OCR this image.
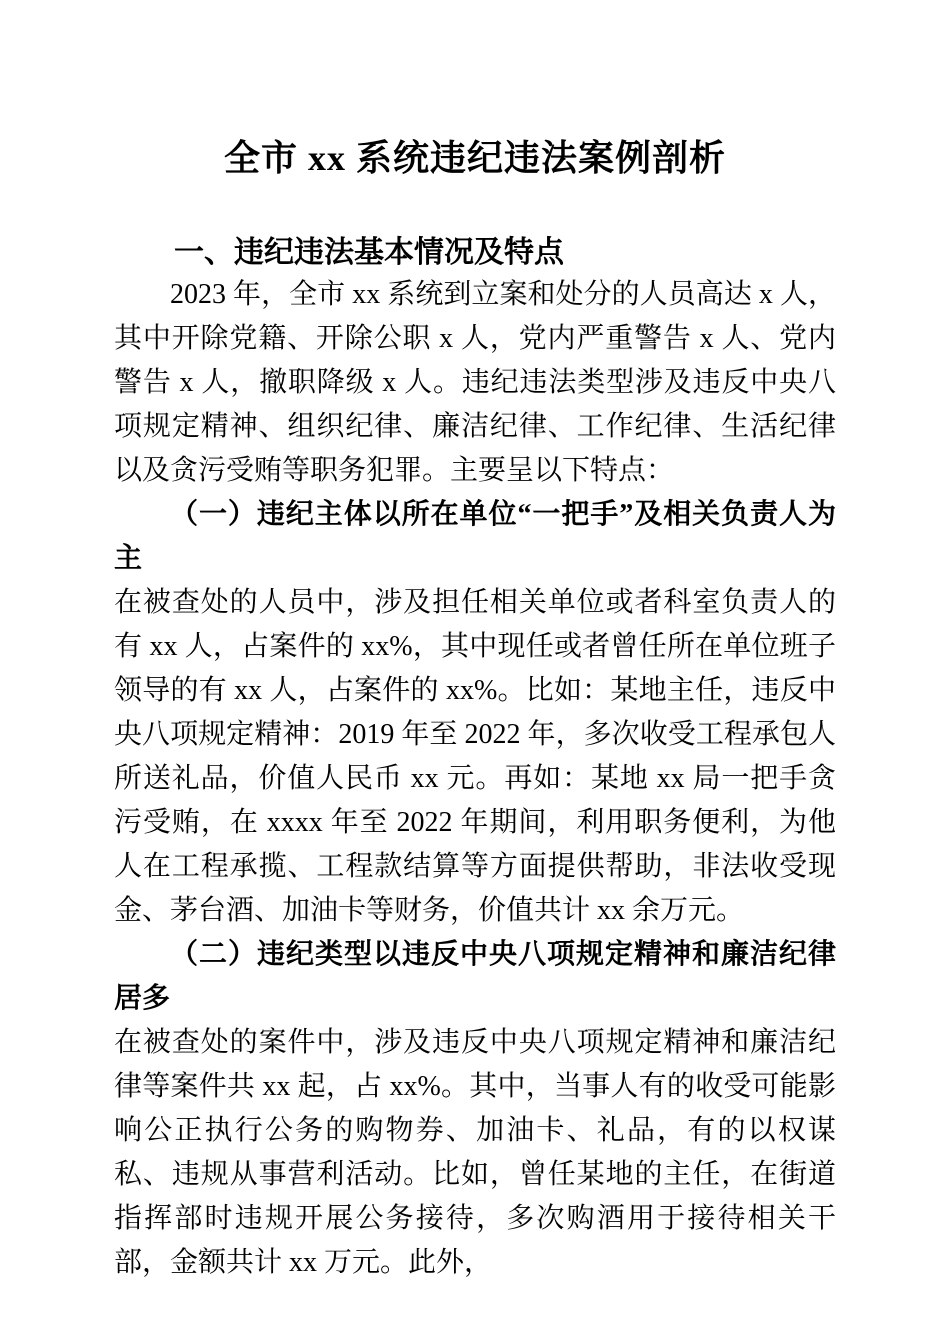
全市 xx 系统违纪违法案例剖析
一、违纪违法基本情况及特点

2023 年，全市 xx 系统到立案和处分的人员高达 x 人，其中开除党籍、开除公职 x 人，党内严重警告 x 人、党内警告 x 人，撤职降级 x 人。违纪违法类型涉及违反中央八项规定精神、组织纪律、廉洁纪律、工作纪律、生活纪律以及贪污受贿等职务犯罪。主要呈以下特点：

（一）违纪主体以所在单位“一把手”及相关负责人为主

在被查处的人员中，涉及担任相关单位或者科室负责人的有 xx 人，占案件的 xx%，其中现任或者曾任所在单位班子领导的有 xx 人，占案件的 xx%。比如：某地主任，违反中央八项规定精神：2019 年至 2022 年，多次收受工程承包人所送礼品，价值人民币 xx 元。再如：某地 xx 局一把手贪污受贿，在 xxxx 年至 2022 年期间，利用职务便利，为他人在工程承揽、工程款结算等方面提供帮助，非法收受现金、茅台酒、加油卡等财务，价值共计 xx 余万元。

（二）违纪类型以违反中央八项规定精神和廉洁纪律居多

在被查处的案件中，涉及违反中央八项规定精神和廉洁纪律等案件共 xx 起，占 xx%。其中，当事人有的收受可能影响公正执行公务的购物券、加油卡、礼品，有的以权谋私、违规从事营利活动。比如，曾任某地的主任，在街道指挥部时违规开展公务接待，多次购酒用于接待相关干部，金额共计 xx 万元。此外，
